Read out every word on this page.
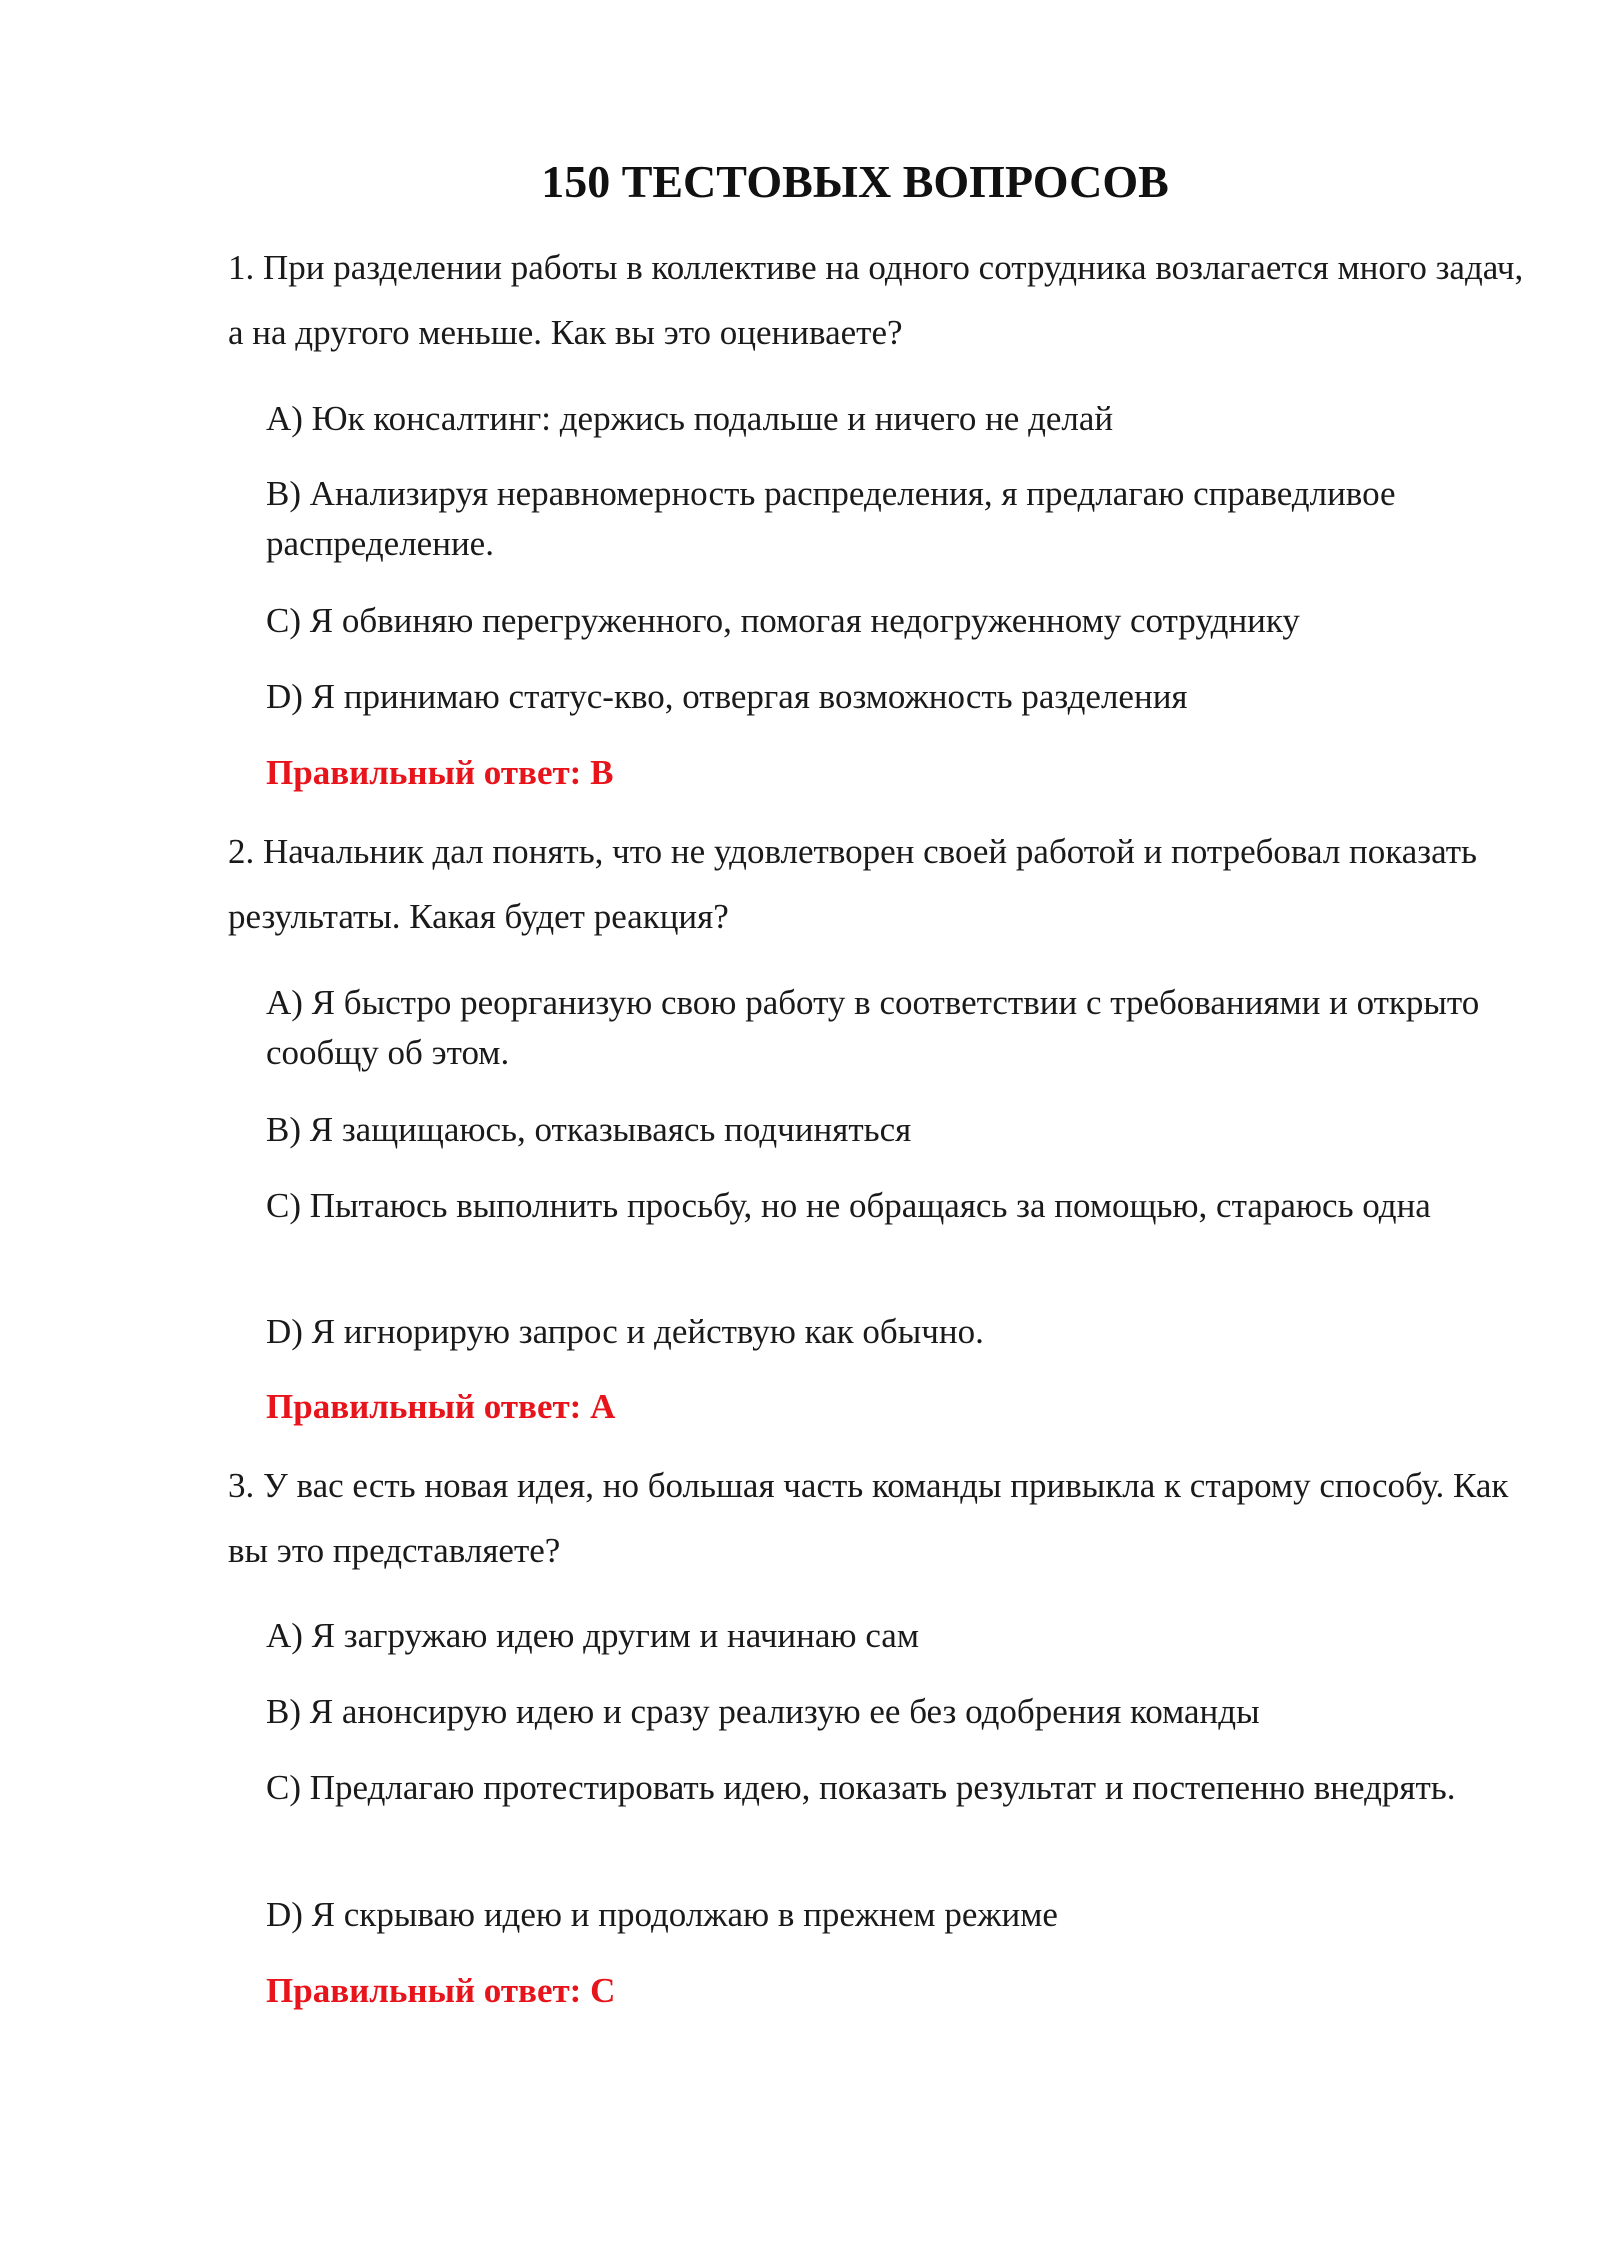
150 ТЕСТОВЫХ ВОПРОСОВ

1. При разделении работы в коллективе на одного сотрудника возлагается много задач, а на другого меньше. Как вы это оцениваете?

A) Юк консалтинг: держись подальше и ничего не делай

B) Анализируя неравномерность распределения, я предлагаю справедливое распределение.

C) Я обвиняю перегруженного, помогая недогруженному сотруднику

D) Я принимаю статус-кво, отвергая возможность разделения

Правильный ответ: B

2. Начальник дал понять, что не удовлетворен своей работой и потребовал показать результаты. Какая будет реакция?

A) Я быстро реорганизую свою работу в соответствии с требованиями и открыто сообщу об этом.

B) Я защищаюсь, отказываясь подчиняться

C) Пытаюсь выполнить просьбу, но не обращаясь за помощью, стараюсь одна

D) Я игнорирую запрос и действую как обычно.

Правильный ответ: A

3. У вас есть новая идея, но большая часть команды привыкла к старому способу. Как вы это представляете?

A) Я загружаю идею другим и начинаю сам

B) Я анонсирую идею и сразу реализую ее без одобрения команды

C) Предлагаю протестировать идею, показать результат и постепенно внедрять.

D) Я скрываю идею и продолжаю в прежнем режиме

Правильный ответ: C
